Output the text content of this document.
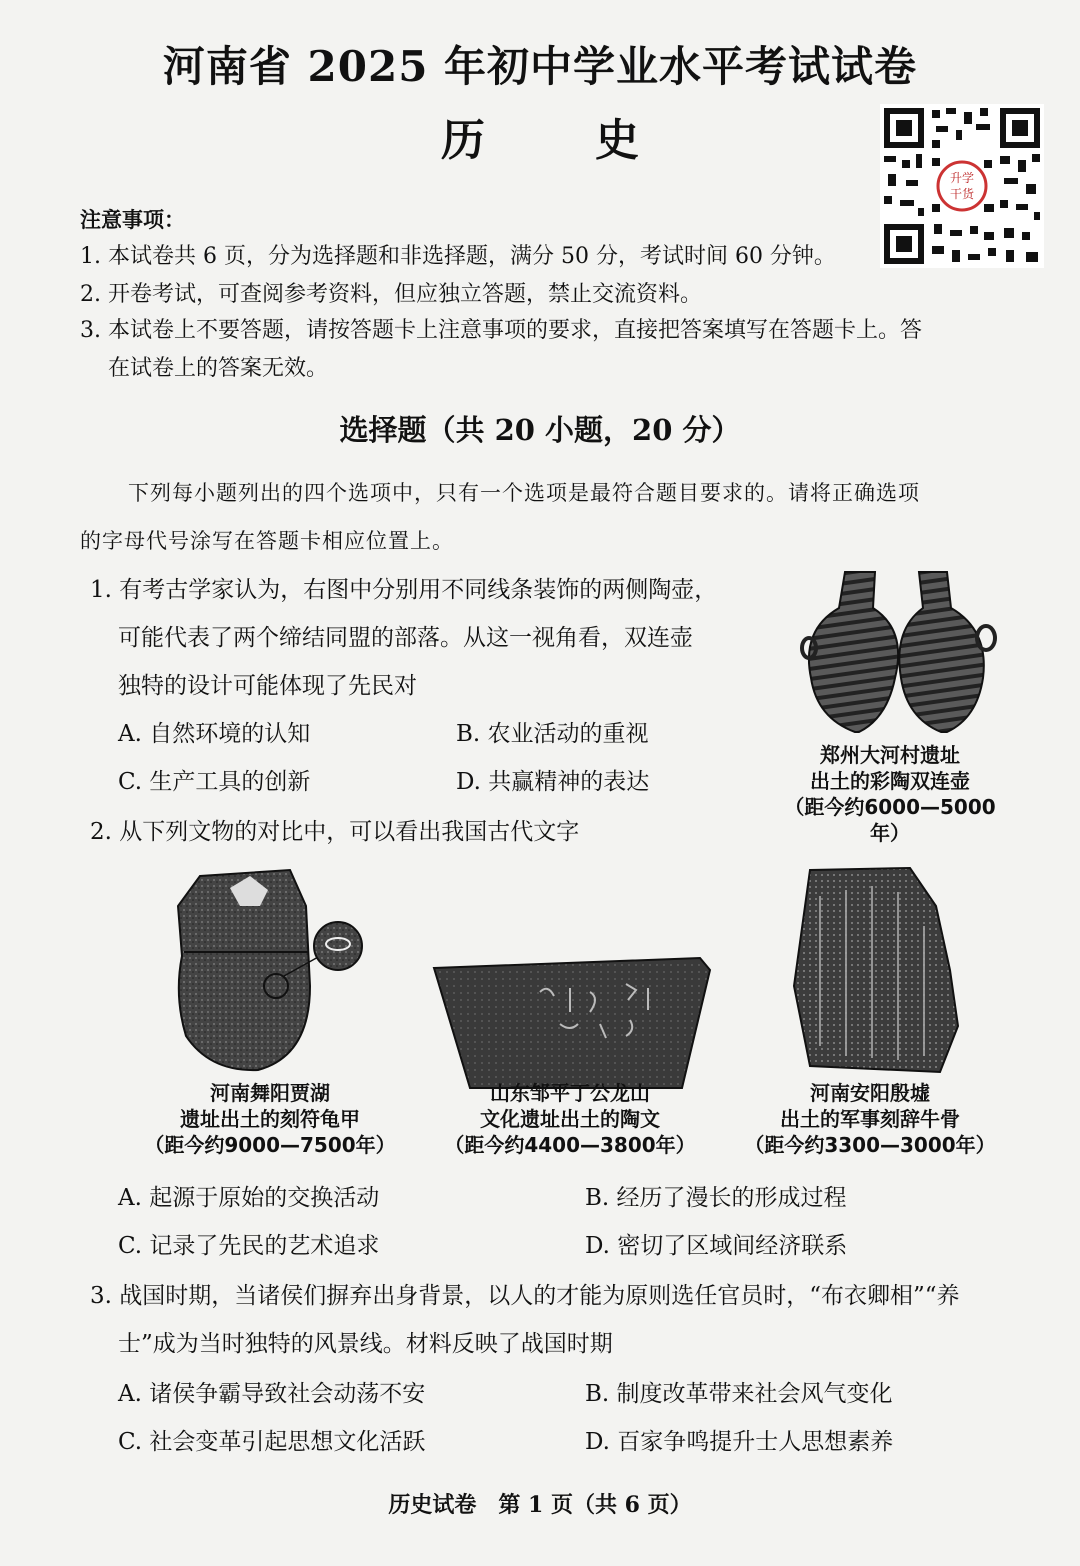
河南省 2025 年初中学业水平考试试卷
历史
升学干货
注意事项：
1. 本试卷共 6 页，分为选择题和非选择题，满分 50 分，考试时间 60 分钟。
2. 开卷考试，可查阅参考资料，但应独立答题，禁止交流资料。
3. 本试卷上不要答题，请按答题卡上注意事项的要求，直接把答案填写在答题卡上。答
在试卷上的答案无效。
选择题（共 20 小题，20 分）
下列每小题列出的四个选项中，只有一个选项是最符合题目要求的。请将正确选项
的字母代号涂写在答题卡相应位置上。
1. 有考古学家认为，右图中分别用不同线条装饰的两侧陶壶，
可能代表了两个缔结同盟的部落。从这一视角看，双连壶
独特的设计可能体现了先民对
A. 自然环境的认知	B. 农业活动的重视
C. 生产工具的创新	D. 共赢精神的表达
郑州大河村遗址
出土的彩陶双连壶
（距今约6000—5000年）
2. 从下列文物的对比中，可以看出我国古代文字
河南舞阳贾湖
遗址出土的刻符龟甲
（距今约9000—7500年）
山东邹平丁公龙山
文化遗址出土的陶文
（距今约4400—3800年）
河南安阳殷墟
出土的军事刻辞牛骨
（距今约3300—3000年）
A. 起源于原始的交换活动	B. 经历了漫长的形成过程
C. 记录了先民的艺术追求	D. 密切了区域间经济联系
3. 战国时期，当诸侯们摒弃出身背景，以人的才能为原则选任官员时，“布衣卿相”“养
士”成为当时独特的风景线。材料反映了战国时期
A. 诸侯争霸导致社会动荡不安	B. 制度改革带来社会风气变化
C. 社会变革引起思想文化活跃	D. 百家争鸣提升士人思想素养
历史试卷　第 1 页（共 6 页）
